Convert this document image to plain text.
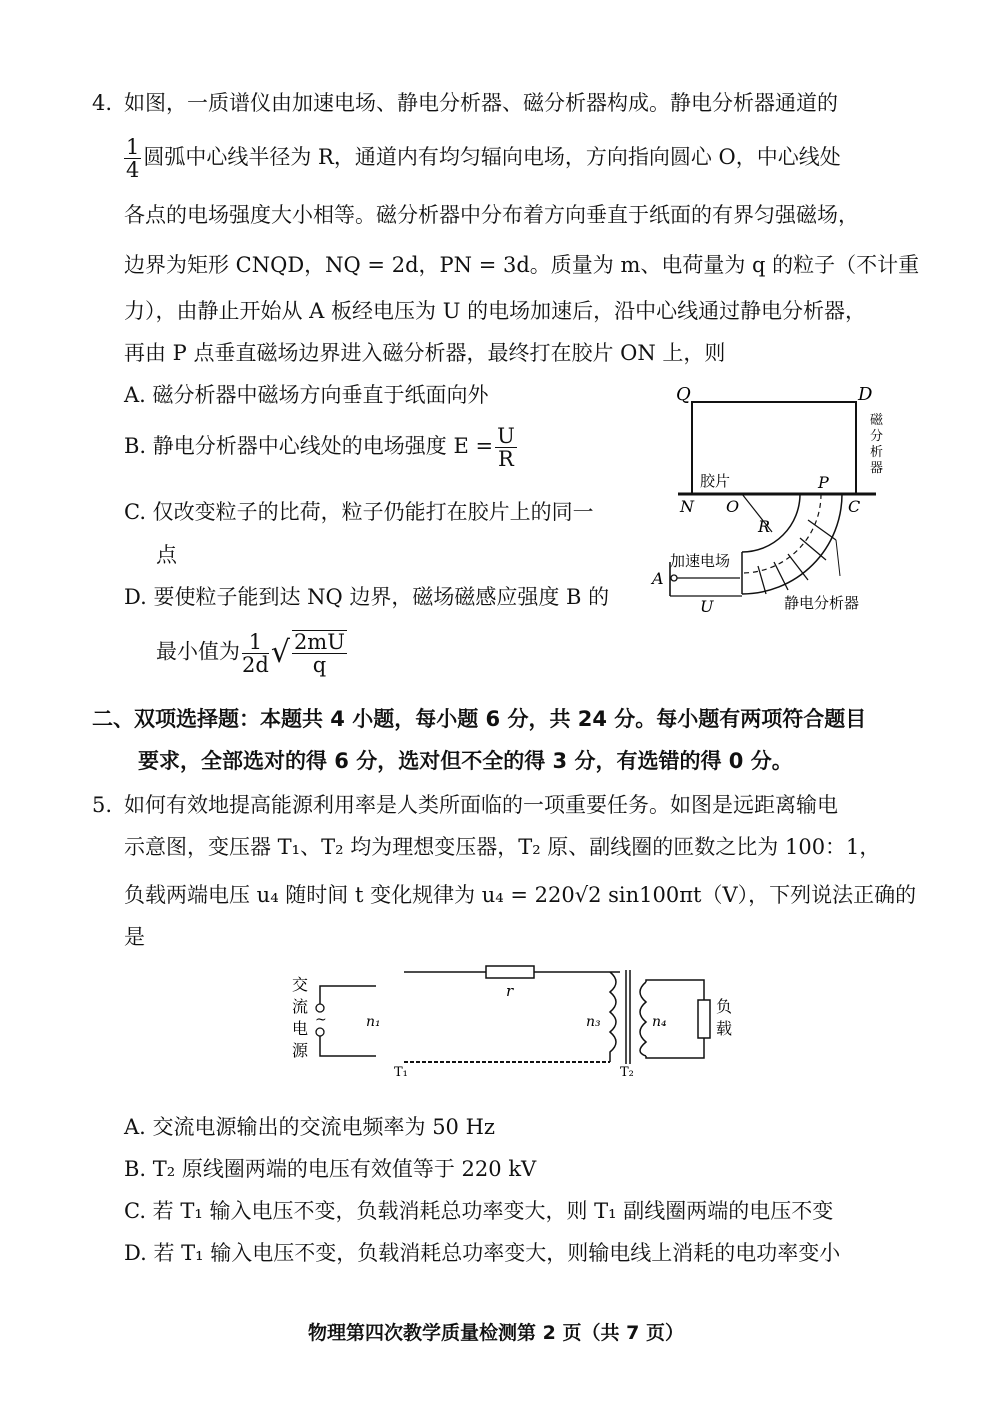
4. 如图，一质谱仪由加速电场、静电分析器、磁分析器构成。静电分析器通道的
$\frac{1}{4}$ 圆弧中心线半径为 R，通道内有均匀辐向电场，方向指向圆心 O，中心线处
各点的电场强度大小相等。磁分析器中分布着方向垂直于纸面的有界匀强磁场，
边界为矩形 CNQD，NQ = 2d，PN = 3d。质量为 m、电荷量为 q 的粒子（不计重
力），由静止开始从 A 板经电压为 U 的电场加速后，沿中心线通过静电分析器，
再由 P 点垂直磁场边界进入磁分析器，最终打在胶片 ON 上，则
A. 磁分析器中磁场方向垂直于纸面向外
B. 静电分析器中心线处的电场强度 $E = \frac{U}{R}$
C. 仅改变粒子的比荷，粒子仍能打在胶片上的同一
点
D. 要使粒子能到达 NQ 边界，磁场磁感应强度 B 的
最小值为 $\frac{1}{2d}$ √ $\frac{2mU}{q}$
Q	D
磁
分
析
器
胶片	P
N O	C
R
加速电场
A
U	静电分析器
二、双项选择题：本题共 4 小题，每小题 6 分，共 24 分。每小题有两项符合题目
要求，全部选对的得 6 分，选对但不全的得 3 分，有选错的得 0 分。
5. 如何有效地提高能源利用率是人类所面临的一项重要任务。如图是远距离输电
示意图，变压器 T₁、T₂ 均为理想变压器，T₂ 原、副线圈的匝数之比为 100：1，
负载两端电压 u₄ 随时间 t 变化规律为 u₄ = 220√2 sin100πt（V），下列说法正确的
是
交
流
电
源
~	n₁
r
n₃	n₄
负
载
T₁	T₂
A. 交流电源输出的交流电频率为 50 Hz
B. T₂ 原线圈两端的电压有效值等于 220 kV
C. 若 T₁ 输入电压不变，负载消耗总功率变大，则 T₁ 副线圈两端的电压不变
D. 若 T₁ 输入电压不变，负载消耗总功率变大，则输电线上消耗的电功率变小
物理第四次教学质量检测第 2 页（共 7 页）
